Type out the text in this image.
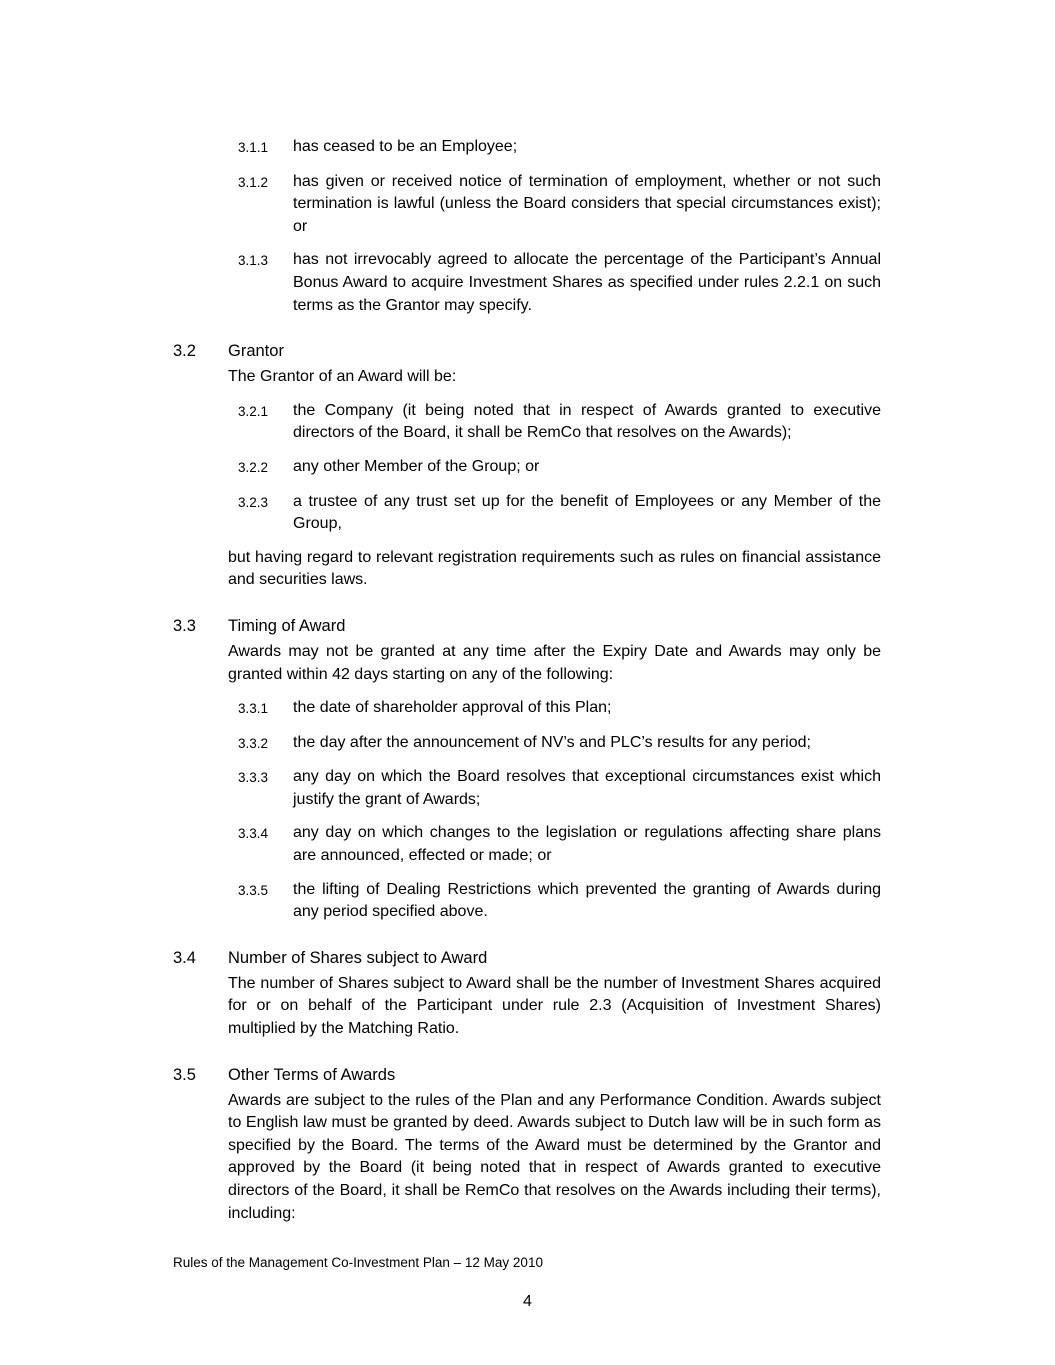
3.1.1	has ceased to be an Employee;
3.1.2	has given or received notice of termination of employment, whether or not such termination is lawful (unless the Board considers that special circumstances exist); or
3.1.3	has not irrevocably agreed to allocate the percentage of the Participant’s Annual Bonus Award to acquire Investment Shares as specified under rules 2.2.1 on such terms as the Grantor may specify.
3.2	Grantor
The Grantor of an Award will be:
3.2.1	the Company (it being noted that in respect of Awards granted to executive directors of the Board, it shall be RemCo that resolves on the Awards);
3.2.2	any other Member of the Group; or
3.2.3	a trustee of any trust set up for the benefit of Employees or any Member of the Group,
but having regard to relevant registration requirements such as rules on financial assistance and securities laws.
3.3	Timing of Award
Awards may not be granted at any time after the Expiry Date and Awards may only be granted within 42 days starting on any of the following:
3.3.1	the date of shareholder approval of this Plan;
3.3.2	the day after the announcement of NV’s and PLC’s results for any period;
3.3.3	any day on which the Board resolves that exceptional circumstances exist which justify the grant of Awards;
3.3.4	any day on which changes to the legislation or regulations affecting share plans are announced, effected or made; or
3.3.5	the lifting of Dealing Restrictions which prevented the granting of Awards during any period specified above.
3.4	Number of Shares subject to Award
The number of Shares subject to Award shall be the number of Investment Shares acquired for or on behalf of the Participant under rule 2.3 (Acquisition of Investment Shares) multiplied by the Matching Ratio.
3.5	Other Terms of Awards
Awards are subject to the rules of the Plan and any Performance Condition. Awards subject to English law must be granted by deed. Awards subject to Dutch law will be in such form as specified by the Board. The terms of the Award must be determined by the Grantor and approved by the Board (it being noted that in respect of Awards granted to executive directors of the Board, it shall be RemCo that resolves on the Awards including their terms), including:
Rules of the Management Co-Investment Plan – 12 May 2010
4
